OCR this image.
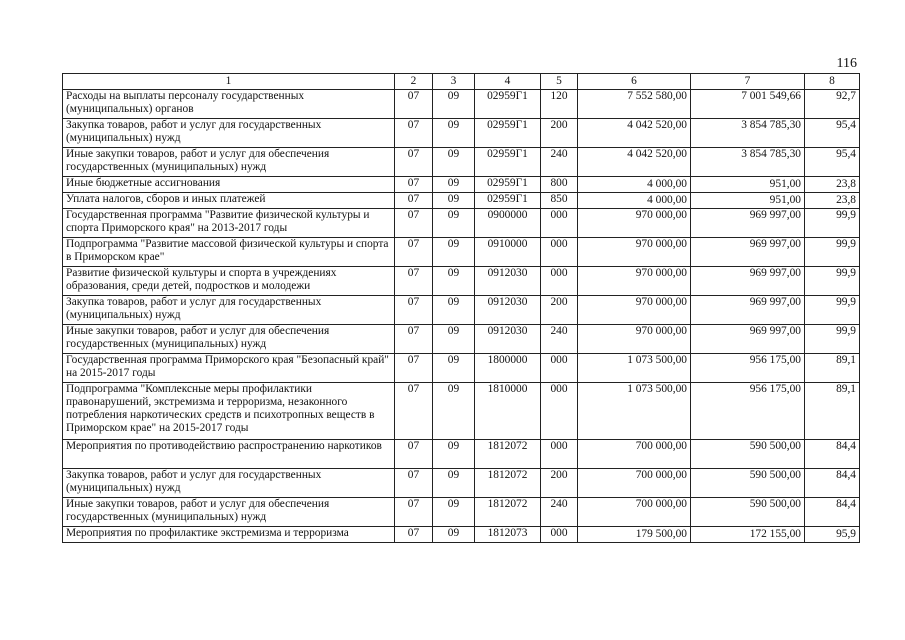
116
1	2	3	4	5	6	7	8
Расходы на выплаты персоналу государственных (муниципальных) органов	07	09	02959Г1	120	7 552 580,00	7 001 549,66	92,7
Закупка товаров, работ и услуг для государственных (муниципальных) нужд	07	09	02959Г1	200	4 042 520,00	3 854 785,30	95,4
Иные закупки товаров, работ и услуг для обеспечения государственных (муниципальных) нужд	07	09	02959Г1	240	4 042 520,00	3 854 785,30	95,4
Иные бюджетные ассигнования	07	09	02959Г1	800	4 000,00	951,00	23,8
Уплата налогов, сборов и иных платежей	07	09	02959Г1	850	4 000,00	951,00	23,8
Государственная программа "Развитие физической культуры и спорта Приморского края" на 2013-2017 годы	07	09	0900000	000	970 000,00	969 997,00	99,9
Подпрограмма "Развитие массовой физической культуры и спорта в Приморском крае"	07	09	0910000	000	970 000,00	969 997,00	99,9
Развитие физической культуры и спорта в учреждениях образования, среди детей, подростков и молодежи	07	09	0912030	000	970 000,00	969 997,00	99,9
Закупка товаров, работ и услуг для государственных (муниципальных) нужд	07	09	0912030	200	970 000,00	969 997,00	99,9
Иные закупки товаров, работ и услуг для обеспечения государственных (муниципальных) нужд	07	09	0912030	240	970 000,00	969 997,00	99,9
Государственная программа Приморского края "Безопасный край" на 2015-2017 годы	07	09	1800000	000	1 073 500,00	956 175,00	89,1
Подпрограмма "Комплексные меры профилактики правонарушений, экстремизма и терроризма, незаконного потребления наркотических средств и психотропных веществ в Приморском крае" на 2015-2017 годы	07	09	1810000	000	1 073 500,00	956 175,00	89,1
Мероприятия по противодействию распространению наркотиков	07	09	1812072	000	700 000,00	590 500,00	84,4
Закупка товаров, работ и услуг для государственных (муниципальных) нужд	07	09	1812072	200	700 000,00	590 500,00	84,4
Иные закупки товаров, работ и услуг для обеспечения государственных (муниципальных) нужд	07	09	1812072	240	700 000,00	590 500,00	84,4
Мероприятия по профилактике экстремизма и терроризма	07	09	1812073	000	179 500,00	172 155,00	95,9
